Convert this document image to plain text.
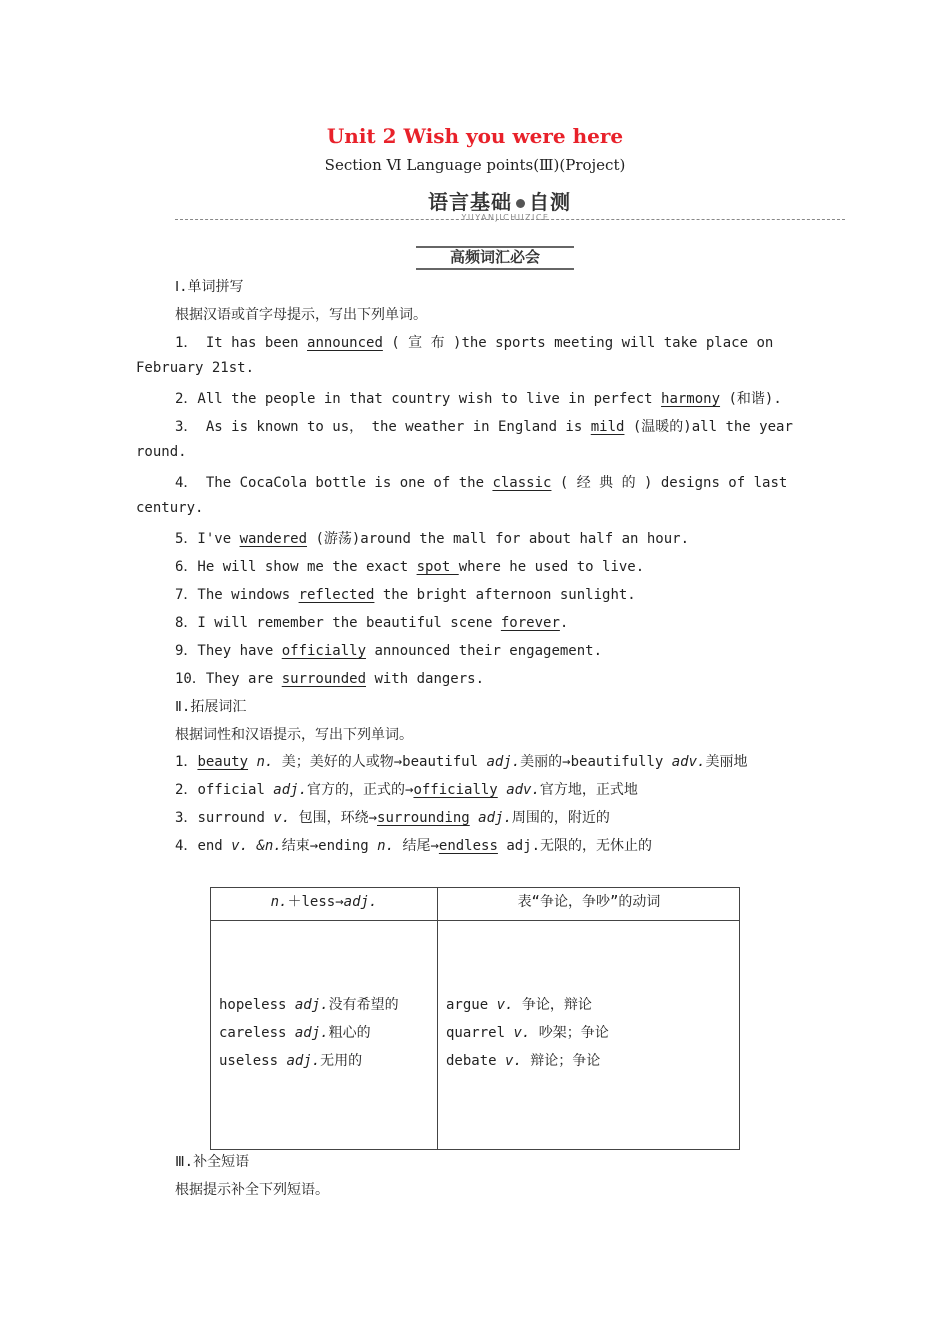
Unit 2 Wish you were here
Section Ⅵ Language points(Ⅲ)(Project)
语言基础 自测
YUYANJICHUZICE
高频词汇必会
Ⅰ.单词拼写
根据汉语或首字母提示，写出下列单词。
1． It has been announced ( 宣 布 )the sports meeting will take place on
February 21st.
2．All the people in that country wish to live in perfect harmony (和谐).
3． As is known to us， the weather in England is mild (温暖的)all the year
round.
4． The CocaCola bottle is one of the classic ( 经 典 的 ) designs of last
century.
5．I've wandered (游荡)around the mall for about half an hour.
6．He will show me the exact spot where he used to live.
7．The windows reflected the bright afternoon sunlight.
8．I will remember the beautiful scene forever.
9．They have officially announced their engagement.
10．They are surrounded with dangers.
Ⅱ.拓展词汇
根据词性和汉语提示，写出下列单词。
1．beauty n. 美；美好的人或物→beautiful adj.美丽的→beautifully adv.美丽地
2．official adj.官方的，正式的→officially adv.官方地，正式地
3．surround v. 包围，环绕→surrounding adj.周围的，附近的
4．end v. &n.结束→ending n. 结尾→endless adj.无限的，无休止的
n.＋less→adj.	表“争论，争吵”的动词
hopeless adj.没有希望的
careless adj.粗心的
useless adj.无用的
argue v. 争论，辩论
quarrel v. 吵架；争论
debate v. 辩论；争论
Ⅲ.补全短语
根据提示补全下列短语。
